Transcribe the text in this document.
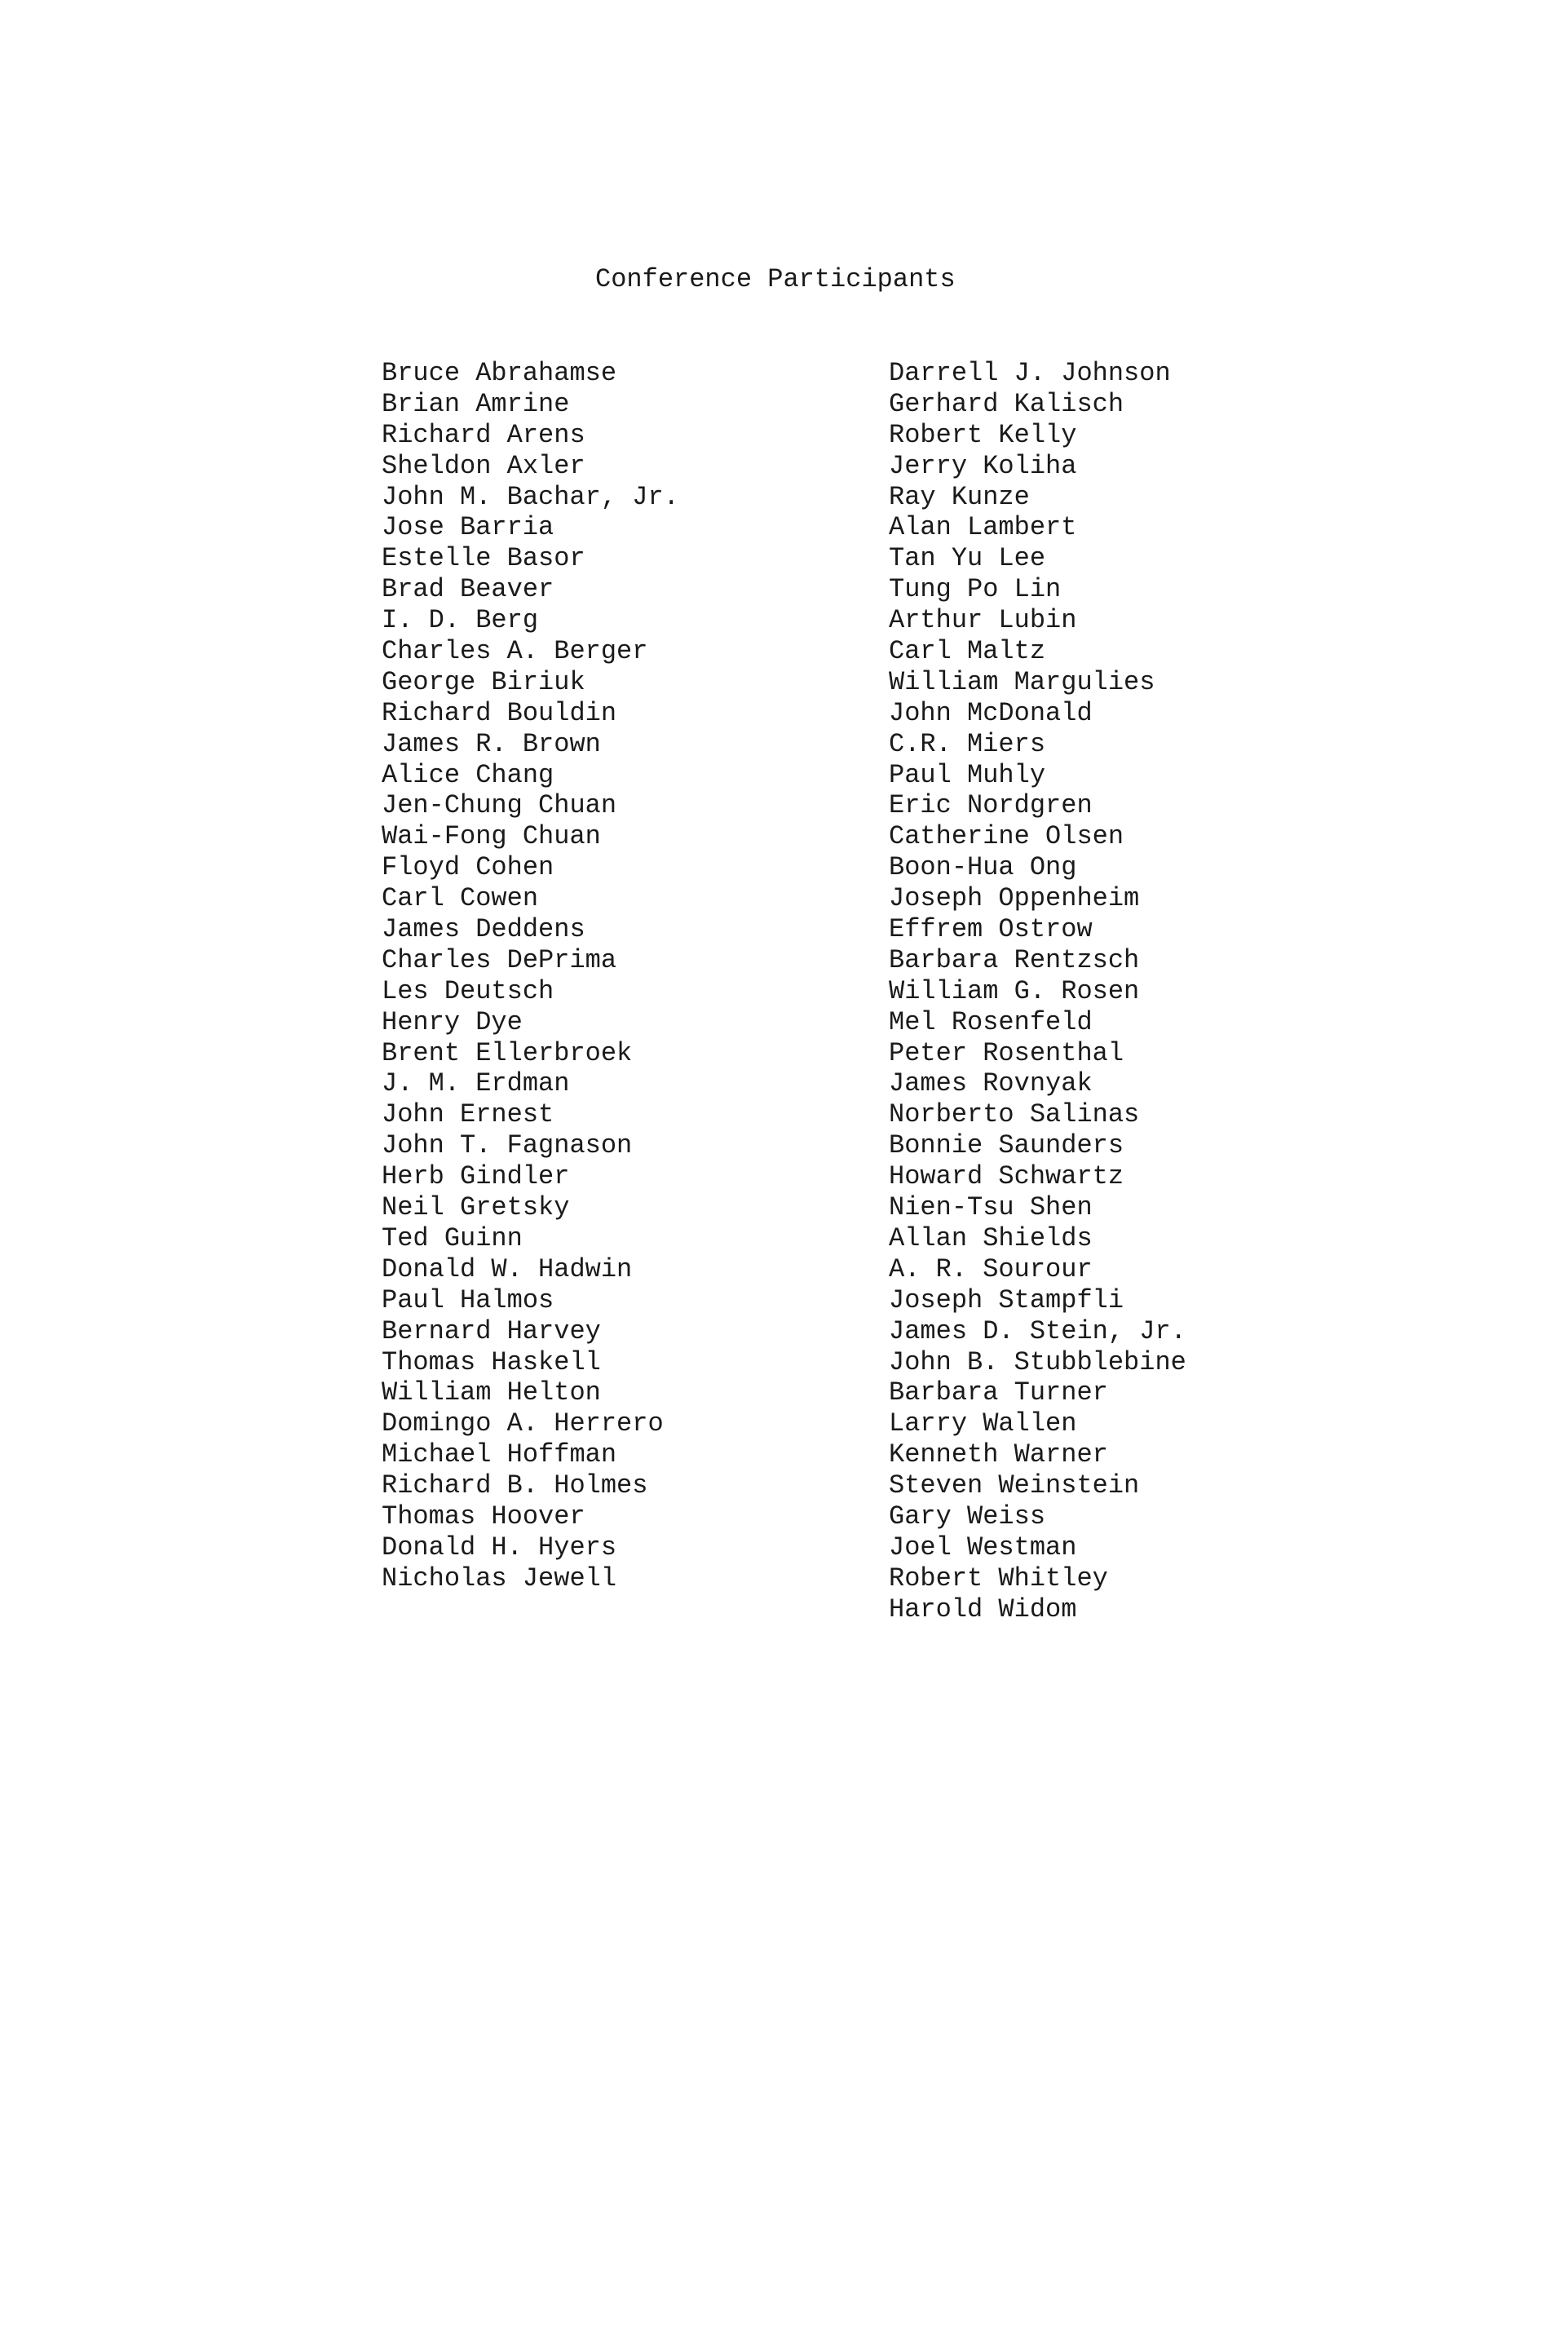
Conference Participants
Bruce Abrahamse
Brian Amrine
Richard Arens
Sheldon Axler
John M. Bachar, Jr.
Jose Barria
Estelle Basor
Brad Beaver
I. D. Berg
Charles A. Berger
George Biriuk
Richard Bouldin
James R. Brown
Alice Chang
Jen-Chung Chuan
Wai-Fong Chuan
Floyd Cohen
Carl Cowen
James Deddens
Charles DePrima
Les Deutsch
Henry Dye
Brent Ellerbroek
J. M. Erdman
John Ernest
John T. Fagnason
Herb Gindler
Neil Gretsky
Ted Guinn
Donald W. Hadwin
Paul Halmos
Bernard Harvey
Thomas Haskell
William Helton
Domingo A. Herrero
Michael Hoffman
Richard B. Holmes
Thomas Hoover
Donald H. Hyers
Nicholas Jewell
Darrell J. Johnson
Gerhard Kalisch
Robert Kelly
Jerry Koliha
Ray Kunze
Alan Lambert
Tan Yu Lee
Tung Po Lin
Arthur Lubin
Carl Maltz
William Margulies
John McDonald
C.R. Miers
Paul Muhly
Eric Nordgren
Catherine Olsen
Boon-Hua Ong
Joseph Oppenheim
Effrem Ostrow
Barbara Rentzsch
William G. Rosen
Mel Rosenfeld
Peter Rosenthal
James Rovnyak
Norberto Salinas
Bonnie Saunders
Howard Schwartz
Nien-Tsu Shen
Allan Shields
A. R. Sourour
Joseph Stampfli
James D. Stein, Jr.
John B. Stubblebine
Barbara Turner
Larry Wallen
Kenneth Warner
Steven Weinstein
Gary Weiss
Joel Westman
Robert Whitley
Harold Widom
